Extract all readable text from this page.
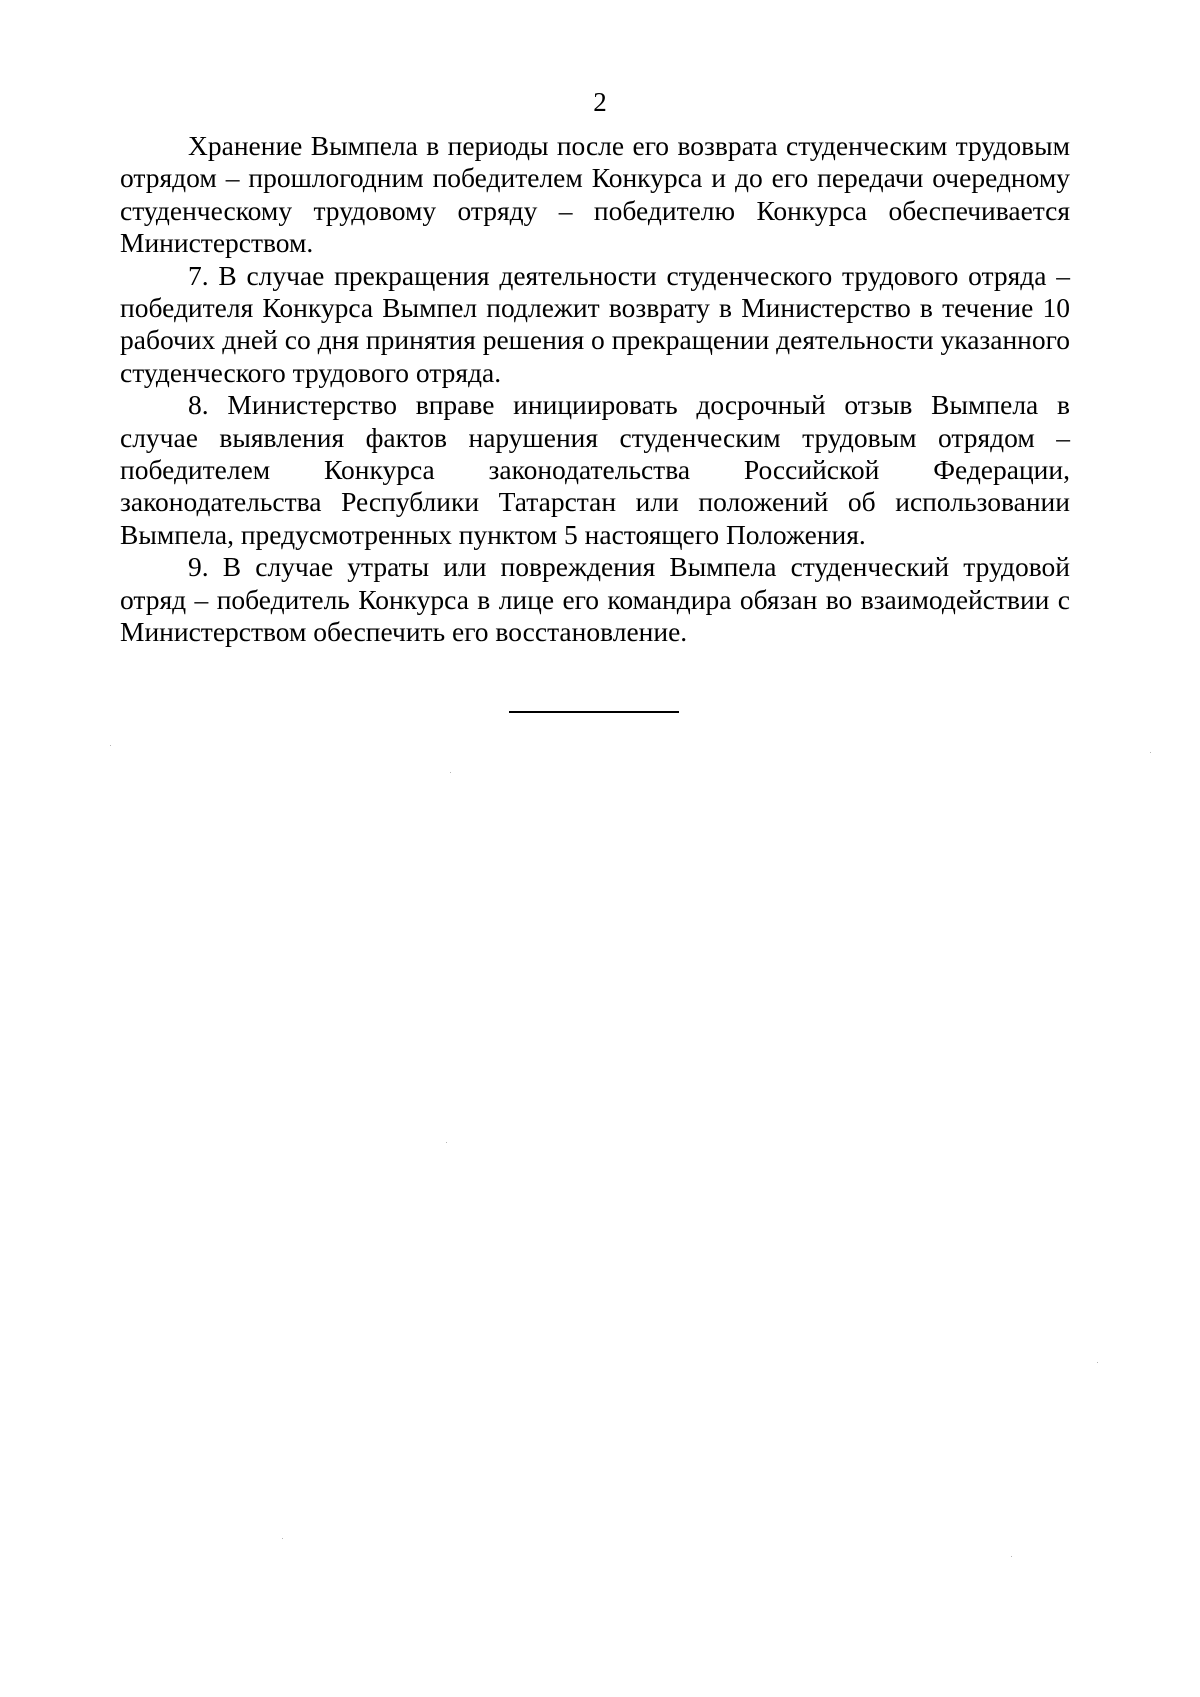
2

Хранение Вымпела в периоды после его возврата студенческим трудовым отрядом – прошлогодним победителем Конкурса и до его передачи очередному студенческому трудовому отряду – победителю Конкурса обеспечивается Министерством.

7. В случае прекращения деятельности студенческого трудового отряда – победителя Конкурса Вымпел подлежит возврату в Министерство в течение 10 рабочих дней со дня принятия решения о прекращении деятельности указанного студенческого трудового отряда.

8. Министерство вправе инициировать досрочный отзыв Вымпела в случае выявления фактов нарушения студенческим трудовым отрядом – победителем Конкурса законодательства Российской Федерации, законодательства Республики Татарстан или положений об использовании Вымпела, предусмотренных пунктом 5 настоящего Положения.

9. В случае утраты или повреждения Вымпела студенческий трудовой отряд – победитель Конкурса в лице его командира обязан во взаимодействии с Министерством обеспечить его восстановление.
